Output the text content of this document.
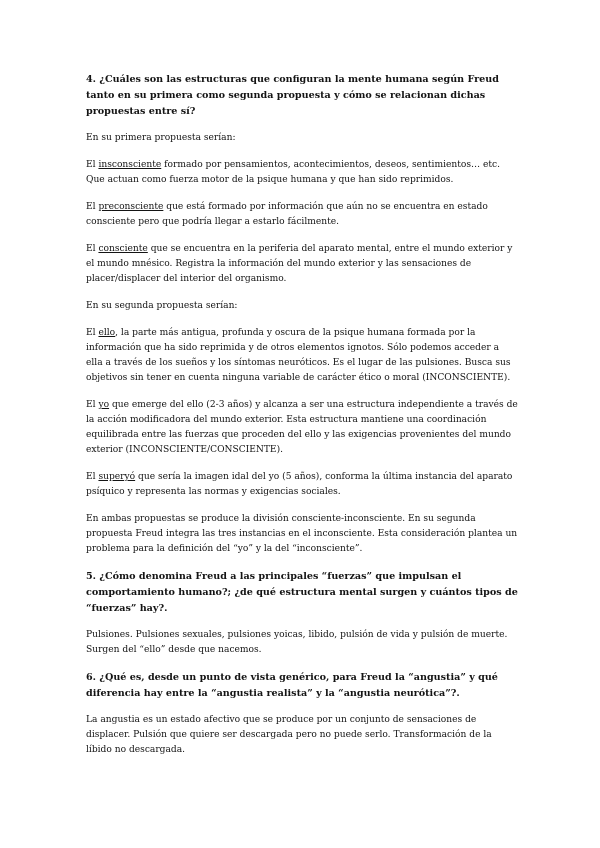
4. ¿Cuáles son las estructuras que configuran la mente humana según Freud tanto en su primera como segunda propuesta y cómo se relacionan dichas propuestas entre sí?

En su primera propuesta serían:

El insconsciente formado por pensamientos, acontecimientos, deseos, sentimientos… etc. Que actuan como fuerza motor de la psique humana y que han sido reprimidos.

El preconsciente que está formado por información que aún no se encuentra en estado consciente pero que podría llegar a estarlo fácilmente.

El consciente que se encuentra en la periferia del aparato mental, entre el mundo exterior y el mundo mnésico. Registra la información del mundo exterior y las sensaciones de placer/displacer del interior del organismo.

En su segunda propuesta serían:

El ello, la parte más antigua, profunda y oscura de la psique humana formada por la información que ha sido reprimida y de otros elementos ignotos. Sólo podemos acceder a ella a través de los sueños y los síntomas neuróticos. Es el lugar de las pulsiones. Busca sus objetivos sin tener en cuenta ninguna variable de carácter ético o moral (INCONSCIENTE).

El yo que emerge del ello (2-3 años) y alcanza a ser una estructura independiente a través de la acción modificadora del mundo exterior. Esta estructura mantiene una coordinación equilibrada entre las fuerzas que proceden del ello y las exigencias provenientes del mundo exterior (INCONSCIENTE/CONSCIENTE).

El superyó que sería la imagen idal del yo (5 años), conforma la última instancia del aparato psíquico y representa las normas y exigencias sociales.

En ambas propuestas se produce la división consciente-inconsciente. En su segunda propuesta Freud integra las tres instancias en el inconsciente. Esta consideración plantea un problema para la definición del “yo” y la del “inconsciente”.

5. ¿Cómo denomina Freud a las principales “fuerzas” que impulsan el comportamiento humano?; ¿de qué estructura mental surgen y cuántos tipos de “fuerzas” hay?.

Pulsiones. Pulsiones sexuales, pulsiones yoicas, libido, pulsión de vida y pulsión de muerte. Surgen del “ello” desde que nacemos.

6. ¿Qué es, desde un punto de vista genérico, para Freud la “angustia” y qué diferencia hay entre la “angustia realista” y la “angustia neurótica”?.

La angustia es un estado afectivo que se produce por un conjunto de sensaciones de displacer. Pulsión que quiere ser descargada pero no puede serlo. Transformación de la líbido no descargada.
